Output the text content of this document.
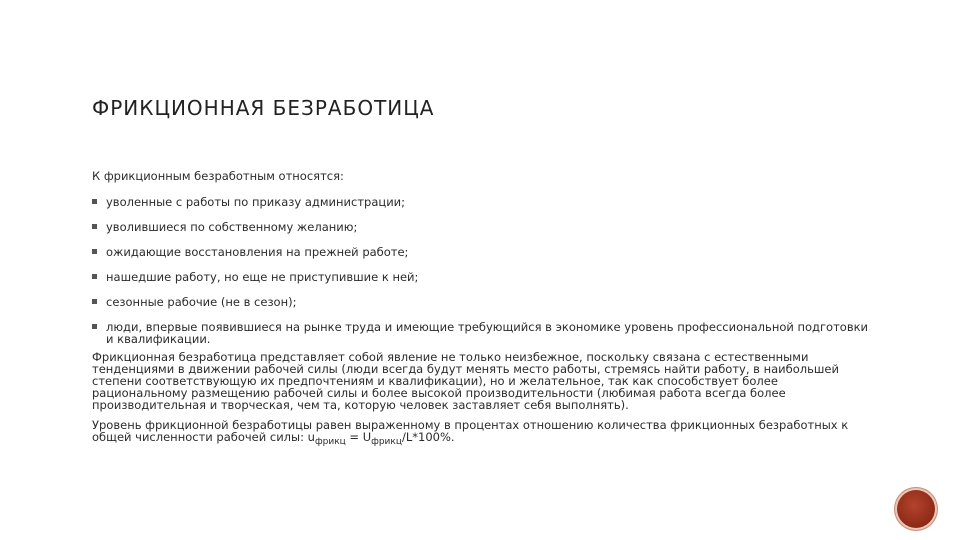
ФРИКЦИОННАЯ БЕЗРАБОТИЦА

К фрикционным безработным относятся:

уволенные с работы по приказу администрации;
уволившиеся по собственному желанию;
ожидающие восстановления на прежней работе;
нашедшие работу, но еще не приступившие к ней;
сезонные рабочие (не в сезон);
люди, впервые появившиеся на рынке труда и имеющие требующийся в экономике уровень профессиональной подготовки и квалификации.

Фрикционная безработица представляет собой явление не только неизбежное, поскольку связана с естественными тенденциями в движении рабочей силы (люди всегда будут менять место работы, стремясь найти работу, в наибольшей степени соответствующую их предпочтениям и квалификации), но и желательное, так как способствует более рациональному размещению рабочей силы и более высокой производительности (любимая работа всегда более производительная и творческая, чем та, которую человек заставляет себя выполнять).

Уровень фрикционной безработицы равен выраженному в процентах отношению количества фрикционных безработных к общей численности рабочей силы: $u_{фрикц} = U_{фрикц}/L*100\%$.
